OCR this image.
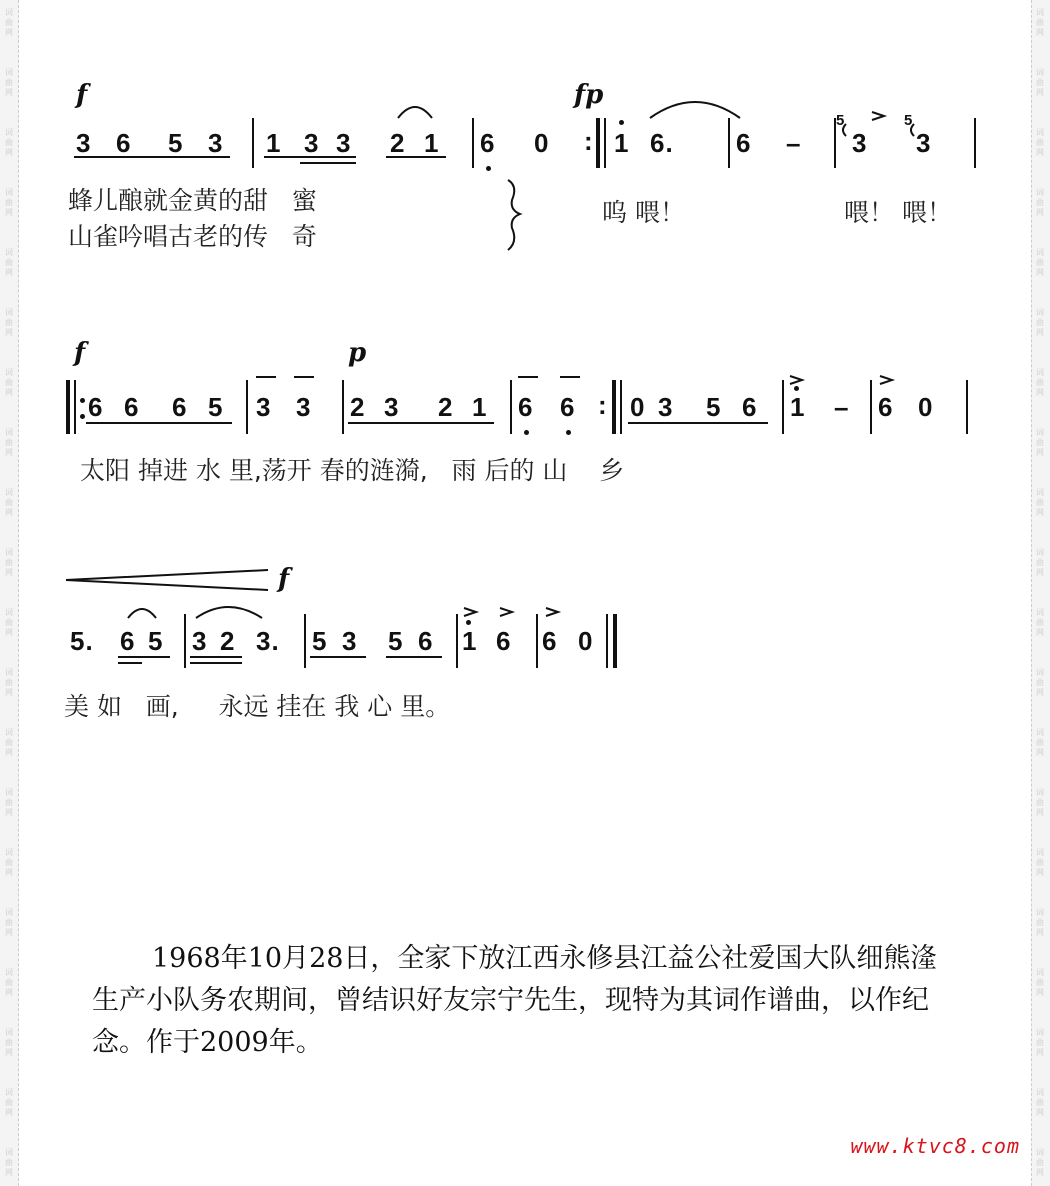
词
曲
网
词
曲
网
词
曲
网
词
曲
网
词
曲
网
词
曲
网
词
曲
网
词
曲
网
词
曲
网
词
曲
网
词
曲
网
词
曲
网
词
曲
网
词
曲
网
词
曲
网
词
曲
网
词
曲
网
词
曲
网
词
曲
网
词
曲
网
词
曲
网
词
曲
网
词
曲
网
词
曲
网
词
曲
网
词
曲
网
词
曲
网
词
曲
网
词
曲
网
词
曲
网
词
曲
网
词
曲
网
词
曲
网
词
曲
网
词
曲
网
词
曲
网
词
曲
网
词
曲
网
词
曲
网
词
曲
网
f	fp
3 6 5 3 1 3 3 2 1 6 0 : 1 6. 6 –
5
3
5
3
蜂儿酿就金黄的甜   蜜
山雀吟唱古老的传   奇
呜 喂！	喂！ 喂！
f	p
6 6 6 5 3 3 2 3 2 1 6 6 : 0 3 5 6 1 – 6 0
太阳 掉进 水 里,荡开 春的涟漪,   雨 后的 山    乡
f
5. 6 5 3 2 3. 5 3 5 6 1 6 6 0
美 如   画,     永远 挂在 我 心 里。
1968年10月28日，全家下放江西永修县江益公社爱国大队细熊湰生产小队务农期间，曾结识好友宗宁先生，现特为其词作谱曲，以作纪念。作于2009年。
www.ktvc8.com
